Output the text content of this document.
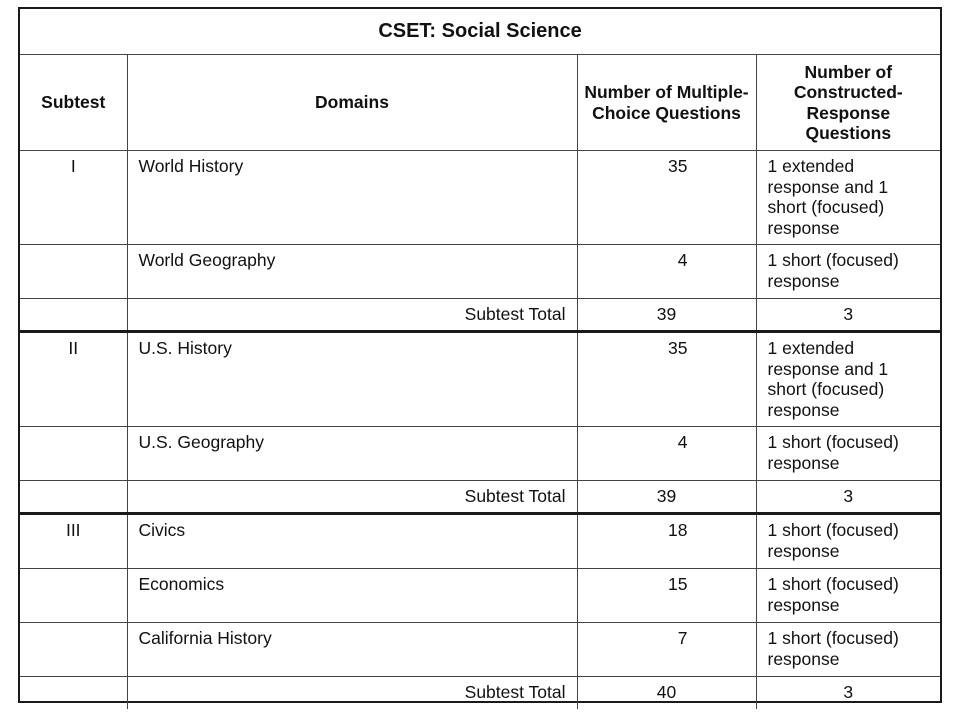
CSET: Social Science			
Subtest	Domains	Number of Multiple-Choice Questions	Number of Constructed-Response Questions
I	World History	35	1 extended response and 1 short (focused) response
	World Geography	4	1 short (focused) response
	Subtest Total	39	3
II	U.S. History	35	1 extended response and 1 short (focused) response
	U.S. Geography	4	1 short (focused) response
	Subtest Total	39	3
III	Civics	18	1 short (focused) response
	Economics	15	1 short (focused) response
	California History	7	1 short (focused) response
	Subtest Total	40	3
